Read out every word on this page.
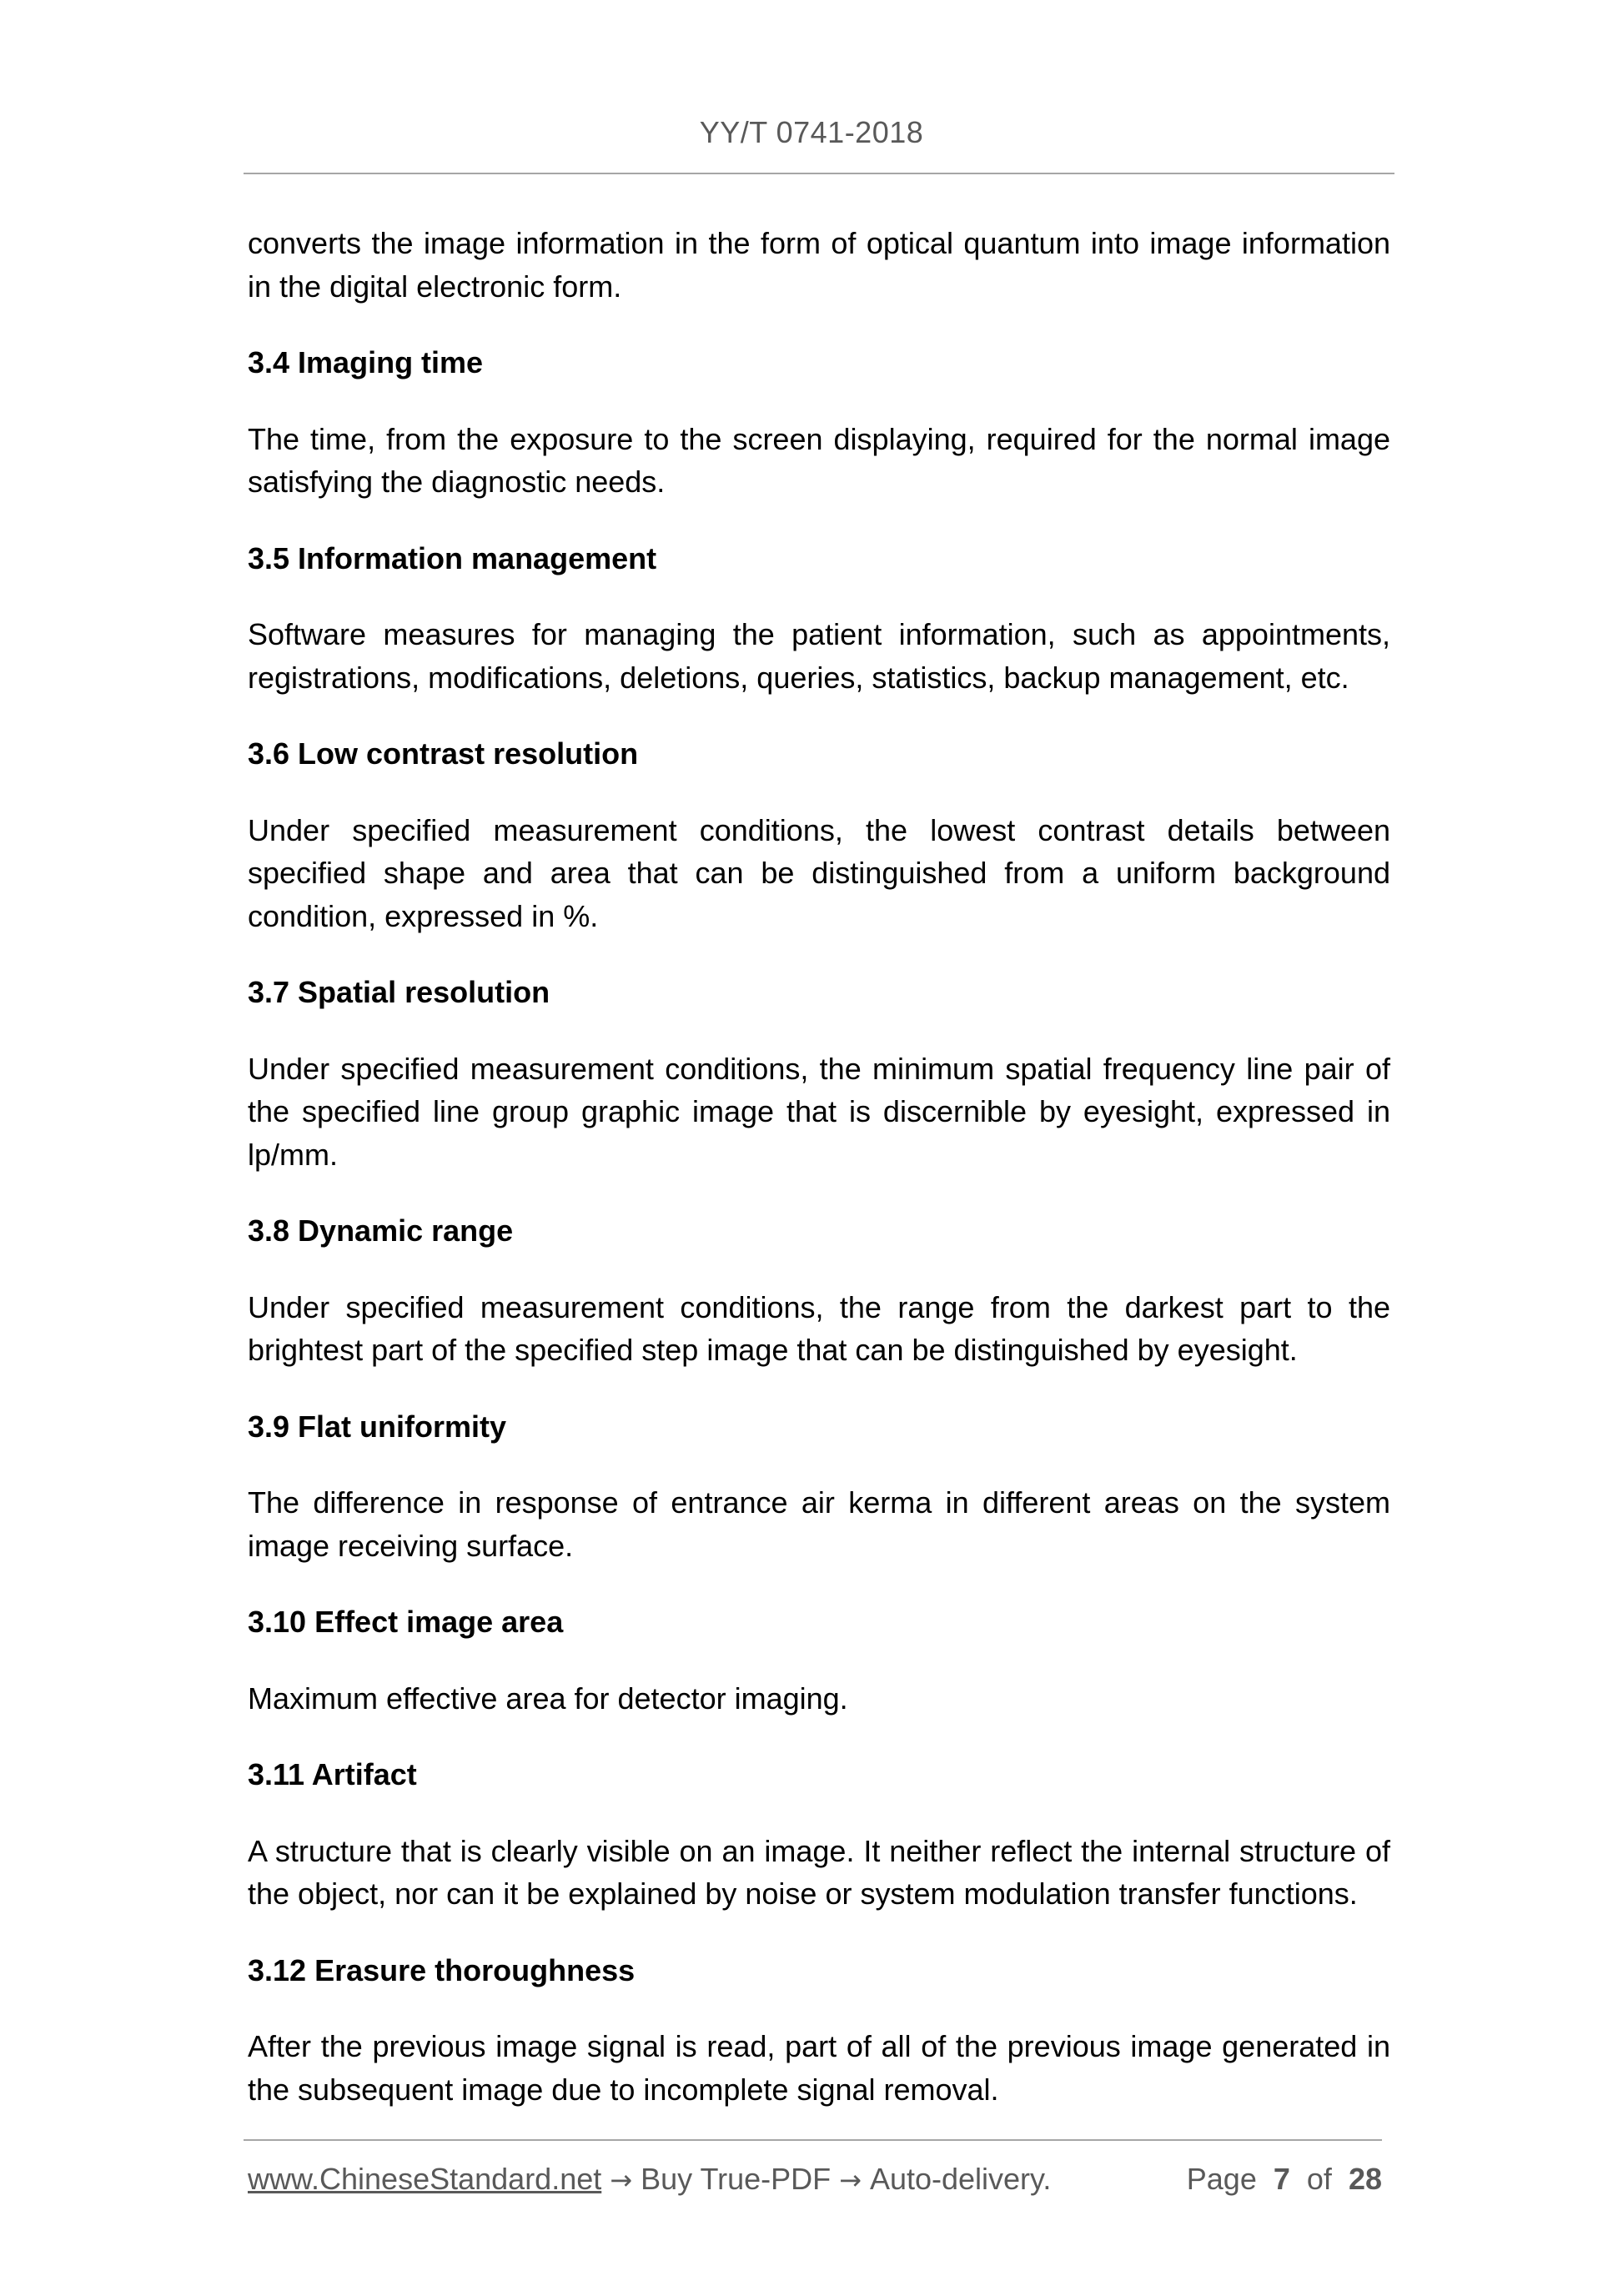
YY/T 0741-2018

converts the image information in the form of optical quantum into image information in the digital electronic form.

3.4 Imaging time

The time, from the exposure to the screen displaying, required for the normal image satisfying the diagnostic needs.

3.5 Information management

Software measures for managing the patient information, such as appointments, registrations, modifications, deletions, queries, statistics, backup management, etc.

3.6 Low contrast resolution

Under specified measurement conditions, the lowest contrast details between specified shape and area that can be distinguished from a uniform background condition, expressed in %.

3.7 Spatial resolution

Under specified measurement conditions, the minimum spatial frequency line pair of the specified line group graphic image that is discernible by eyesight, expressed in lp/mm.

3.8 Dynamic range

Under specified measurement conditions, the range from the darkest part to the brightest part of the specified step image that can be distinguished by eyesight.

3.9 Flat uniformity

The difference in response of entrance air kerma in different areas on the system image receiving surface.

3.10 Effect image area

Maximum effective area for detector imaging.

3.11 Artifact

A structure that is clearly visible on an image. It neither reflect the internal structure of the object, nor can it be explained by noise or system modulation transfer functions.

3.12 Erasure thoroughness

After the previous image signal is read, part of all of the previous image generated in the subsequent image due to incomplete signal removal.

www.ChineseStandard.net → Buy True-PDF → Auto-delivery.	Page 7 of 28
